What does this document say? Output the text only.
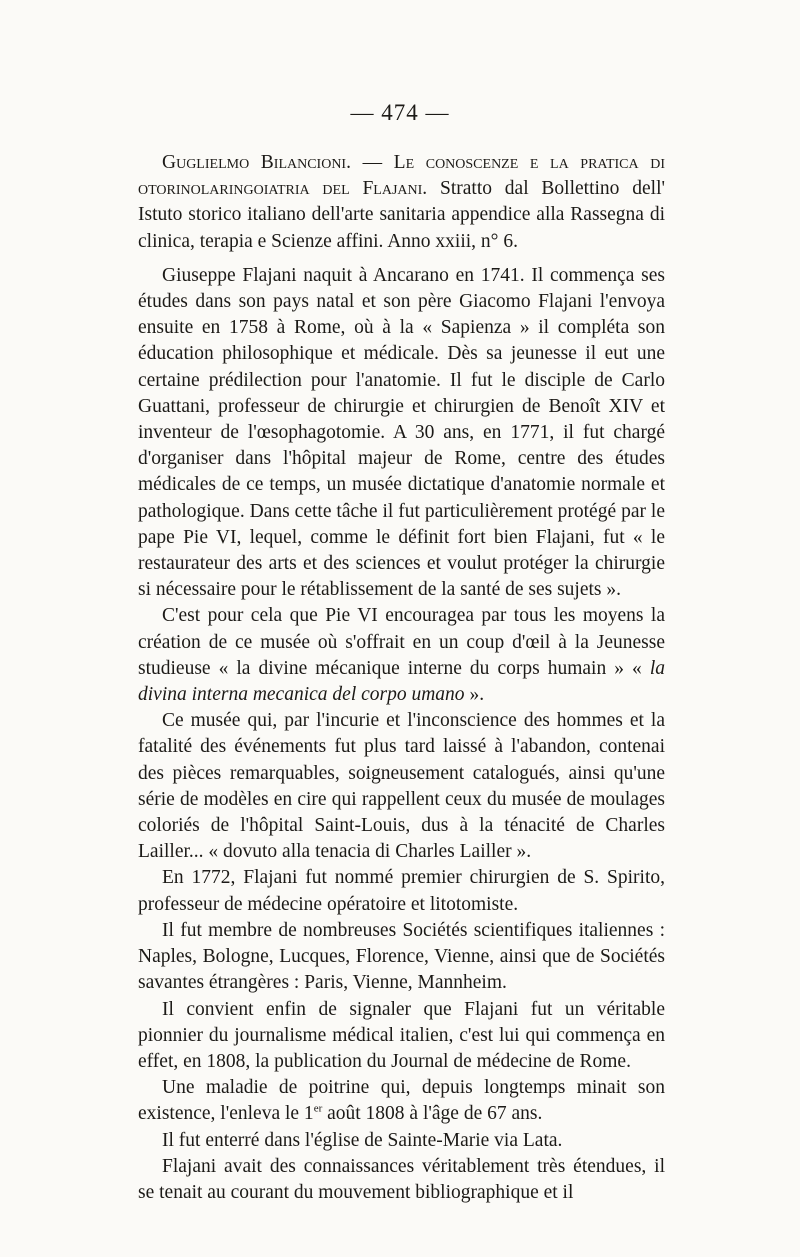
— 474 —

Guglielmo Bilancioni. — Le conoscenze e la pratica di otorinolaringoiatria del Flajani. Stratto dal Bollettino dell' Istuto storico italiano dell'arte sanitaria appendice alla Rassegna di clinica, terapia e Scienze affini. Anno xxiii, n° 6.

Giuseppe Flajani naquit à Ancarano en 1741. Il commença ses études dans son pays natal et son père Giacomo Flajani l'envoya ensuite en 1758 à Rome, où à la « Sapienza » il compléta son éducation philosophique et médicale. Dès sa jeunesse il eut une certaine prédilection pour l'anatomie. Il fut le disciple de Carlo Guattani, professeur de chirurgie et chirurgien de Benoît XIV et inventeur de l'œsophagotomie. A 30 ans, en 1771, il fut chargé d'organiser dans l'hôpital majeur de Rome, centre des études médicales de ce temps, un musée dictatique d'anatomie normale et pathologique. Dans cette tâche il fut particulièrement protégé par le pape Pie VI, lequel, comme le définit fort bien Flajani, fut « le restaurateur des arts et des sciences et voulut protéger la chirurgie si nécessaire pour le rétablissement de la santé de ses sujets ».

C'est pour cela que Pie VI encouragea par tous les moyens la création de ce musée où s'offrait en un coup d'œil à la Jeunesse studieuse « la divine mécanique interne du corps humain » « la divina interna mecanica del corpo umano ».

Ce musée qui, par l'incurie et l'inconscience des hommes et la fatalité des événements fut plus tard laissé à l'abandon, contenai des pièces remarquables, soigneusement catalogués, ainsi qu'une série de modèles en cire qui rappellent ceux du musée de moulages coloriés de l'hôpital Saint-Louis, dus à la ténacité de Charles Lailler... « dovuto alla tenacia di Charles Lailler ».

En 1772, Flajani fut nommé premier chirurgien de S. Spirito, professeur de médecine opératoire et litotomiste.

Il fut membre de nombreuses Sociétés scientifiques italiennes : Naples, Bologne, Lucques, Florence, Vienne, ainsi que de Sociétés savantes étrangères : Paris, Vienne, Mannheim.

Il convient enfin de signaler que Flajani fut un véritable pionnier du journalisme médical italien, c'est lui qui commença en effet, en 1808, la publication du Journal de médecine de Rome.

Une maladie de poitrine qui, depuis longtemps minait son existence, l'enleva le 1er août 1808 à l'âge de 67 ans.

Il fut enterré dans l'église de Sainte-Marie via Lata.

Flajani avait des connaissances véritablement très étendues, il se tenait au courant du mouvement bibliographique et il
